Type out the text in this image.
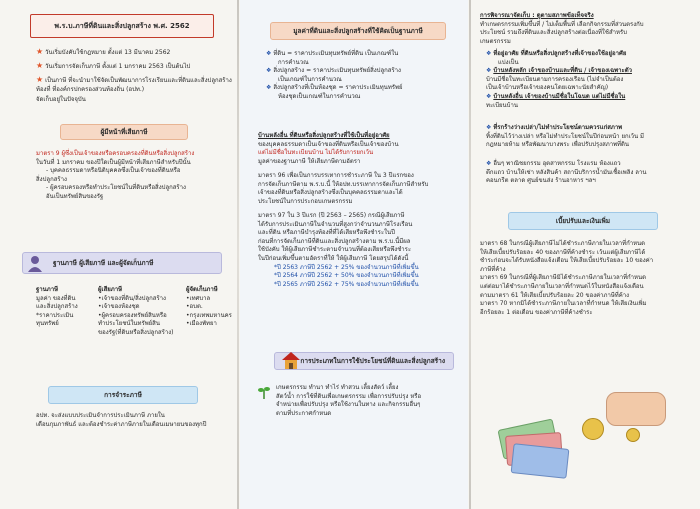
พ.ร.บ.ภาษีที่ดินและสิ่งปลูกสร้าง พ.ศ. 2562
★ วันเริ่มบังคับใช้กฎหมาย ตั้งแต่ 13 มีนาคม 2562
★ วันเริ่มการจัดเก็บภาษี ตั้งแต่ 1 มกราคม 2563 เป็นต้นไป
★ เป็นภาษี ที่จะนำมาใช้จัดเป็นพัฒนาการโรงเรียนและที่ดินและสิ่งปลูกสร้าง
ท้องที่ ที่องค์กรปกครองส่วนท้องถิ่น (อปท.)
จัดเก็บอยู่ในปัจจุบัน
ผู้มีหน้าที่เสียภาษี
มาตรา 9 ผู้ซึ่งเป็นเจ้าของหรือครอบครองที่ดินหรือสิ่งปลูกสร้าง
ในวันที่ 1 มกราคม ของปีใดเป็นผู้มีหน้าที่เสียภาษีสำหรับปีนั้น
- บุคคลธรรมดาหรือนิติบุคคลซึ่งเป็นเจ้าของที่ดินหรือ
สิ่งปลูกสร้าง
- ผู้ครอบครองหรือทำประโยชน์ในที่ดินหรือสิ่งปลูกสร้าง
อันเป็นทรัพย์สินของรัฐ
ฐานภาษี ผู้เสียภาษี และผู้จัดเก็บภาษี
ฐานภาษี
มูลค่า ของที่ดิน
และสิ่งปลูกสร้าง
*ราคาประเมิน
ทุนทรัพย์
ผู้เสียภาษี
•เจ้าของที่ดิน/สิ่งปลูกสร้าง
•เจ้าของห้องชุด
•ผู้ครอบครองทรัพย์สินหรือ
ทำประโยชน์ในทรัพย์สิน
ของรัฐ(ที่ดินหรือสิ่งปลูกสร้าง)
ผู้จัดเก็บภาษี
•เทศบาล
•อบต.
•กรุงเทพมหานคร
•เมืองพัทยา
การจำระภาษี
อปท. จะส่งแบบประเมินจำการประเมินภาษี ภายใน
เดือนกุมภาพันธ์ และต้องชำระค่าภาษีภายในเดือนเมษายนของทุกปี
มูลค่าที่ดินและสิ่งปลูกสร้างที่ใช้คิดเป็นฐานภาษี
❖ ที่ดิน = ราคาประเมินทุนทรัพย์ที่ดิน เป็นเกณฑ์ใน
การคำนวณ
❖ สิ่งปลูกสร้าง = ราคาประเมินทุนทรัพย์สิ่งปลูกสร้าง
เป็นเกณฑ์ในการคำนวณ
❖ สิ่งปลูกสร้างที่เป็นห้องชุด = ราคาประเมินทุนทรัพย์
ห้องชุดเป็นเกณฑ์ในการคำนวณ
บ้านหลังอื่น ที่ดินหรือสิ่งปลูกสร้างที่ใช้เป็นที่อยู่อาศัย
ของบุคคลธรรมดาเป็นเจ้าของที่ดินหรือเป็นเจ้าของบ้าน
แต่ไม่มีชื่อในทะเบียนบ้าน ไม่ได้รับการยกเว้น
มูลค่าของฐานภาษี ให้เสียภาษีตามอัตรา
มาตรา 96 เพื่อเป็นการบรรเทาการชำระภาษี ใน 3 ปีแรกของ
การจัดเก็บภาษีตาม พ.ร.บ.นี้ ให้อปท.บรรเทาการจัดเก็บภาษีสำหรับ
เจ้าของที่ดินหรือสิ่งปลูกสร้างซึ่งเป็นบุคคลธรรมดาและได้
ประโยชน์ในการประกอบเกษตรกรรม
มาตรา 97 ใน 3 ปีแรก (ปี 2563 – 2565) กรณีผู้เสียภาษี
ได้รับการประเมินภาษีในจำนวนที่สูงกว่าจำนวนภาษีโรงเรือน
และที่ดิน หรือภาษีบำรุงท้องที่ที่ได้เสียหรือพึงชำระในปี
ก่อนที่การจัดเก็บภาษีที่ดินและสิ่งปลูกสร้างตาม พ.ร.บ.นี้มีผล
ใช้บังคับ ให้ผู้เสียภาษีชำระตามจำนวนที่ต้องเสียหรือพึงชำระ
ในปีก่อนเพิ่มขึ้นตามอัตราที่ให้ ให้ผู้เสียภาษี โดยสรุปได้ดังนี้
*ปี 2563 ภาษีปี 2562 + 25% ของจำนวนภาษีที่เพิ่มขึ้น
*ปี 2564 ภาษีปี 2562 + 50% ของจำนวนภาษีที่เพิ่มขึ้น
*ปี 2565 ภาษีปี 2562 + 75% ของจำนวนภาษีที่เพิ่มขึ้น
การประเภทในการใช้ประโยชน์ที่ดินและสิ่งปลูกสร้าง
เกษตรกรรม ทำนา ทำไร่ ทำสวน เลี้ยงสัตว์ เลี้ยง
สัตว์น้ำ การใช้ที่ดินเพื่อเกษตรกรรม เพื่อการปรับปรุง หรือ
จำหน่ายเพื่อปรับปรุง หรือใช้งานในทาง และกิจกรรมอื่นๆ
ตามที่ประกาศกำหนด
การพิจารณาจัดเก็บ : ดูตามสภาพข้อเท็จจริง
ทำเกษตรกรรมเพิ่มขึ้นที่ / ไม่เต็มพื้นที่ เลือกกิจกรรมที่ส่วนตรงกับ
ประโยชน์ รวมถึงที่ดินและสิ่งปลูกสร้างต่อเนื่องที่ใช้สำหรับ
เกษตรกรรม
❖ ที่อยู่อาศัย ที่ดินหรือสิ่งปลูกสร้างที่เจ้าของใช้อยู่อาศัย
แบ่งเป็น
❖ บ้านหลังหลัก เจ้าของบ้านและที่ดิน / เจ้าของเฉพาะตัว
บ้านมีชื่อในทะเบียนตามการครองเรือน (ไม่จำเป็นต้อง
เป็นเจ้าบ้านหรือเจ้าของคนโดยเฉพาะนัยสำคัญ)
❖ บ้านหลังอื่น เจ้าของบ้านมีชื่อในโฉนด แต่ไม่มีชื่อใน
ทะเบียนบ้าน
❖ ที่รกร้างว่างเปล่า/ไม่ทำประโยชน์ตามควรแก่สภาพ
ทิ้งที่ดินไว้ว่างเปล่า หรือไม่ทำประโยชน์ในปีก่อนหน้า ยกเว้น มี
กฎหมายห้าม หรือพัฒนาบางพระ เพื่อปรับปรุงสภาพที่ดิน
❖ อื่นๆ พาณิชยกรรม อุตสาหกรรม โรงแรม ห้องแถว
ตึกแถว บ้านให้เช่า หลังสินค้า สถานีบริการน้ำมันเชื้อเพลิง ลาน
คอนกรีต ตลาด ศูนย์ขนส่ง ร้านอาหาร ฯลฯ
เบี้ยปรับและเงินเพิ่ม
มาตรา 68 ในกรณีผู้เสียภาษีไม่ได้ชำระภาษีภายในเวลาที่กำหนด
ให้เสียเบี้ยปรับร้อยละ 40 ของภาษีที่ค้างชำระ เว้นแต่ผู้เสียภาษีได้
ชำระก่อนจะได้รับหนังสือแจ้งเตือน ให้เสียเบี้ยปรับร้อยละ 10 ของค่า
ภาษีที่ค้าง
มาตรา 69 ในกรณีที่ผู้เสียภาษีมิได้ชำระภาษีภายในเวลาที่กำหนด
แต่ต่อมาได้ชำระภาษีภายในเวลาที่กำหนดไว้ในหนังสือแจ้งเตือน
ตามมาตรา 61 ให้เสียเบี้ยปรับร้อยละ 20 ของค่าภาษีที่ค้าง
มาตรา 70 หากมิได้ชำระภาษีภายในเวลาที่กำหนด ให้เสียเงินเพิ่ม
อีกร้อยละ 1 ต่อเดือน ของค่าภาษีที่ค้างชำระ
